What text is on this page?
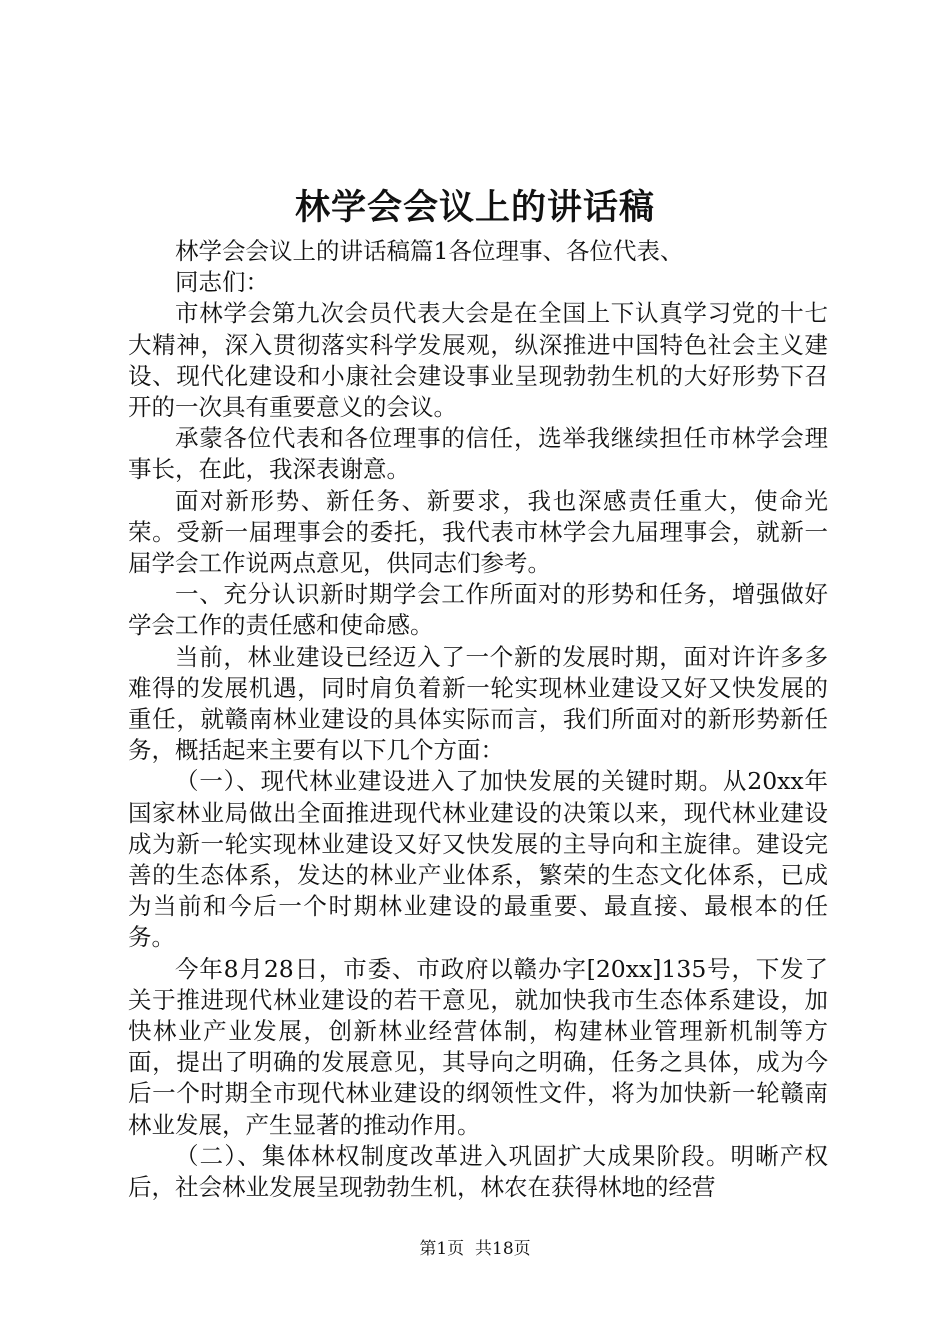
林学会会议上的讲话稿

林学会会议上的讲话稿篇1各位理事、各位代表、

同志们：

市林学会第九次会员代表大会是在全国上下认真学习党的十七大精神，深入贯彻落实科学发展观，纵深推进中国特色社会主义建设、现代化建设和小康社会建设事业呈现勃勃生机的大好形势下召开的一次具有重要意义的会议。

承蒙各位代表和各位理事的信任，选举我继续担任市林学会理事长，在此，我深表谢意。

面对新形势、新任务、新要求，我也深感责任重大，使命光荣。受新一届理事会的委托，我代表市林学会九届理事会，就新一届学会工作说两点意见，供同志们参考。

一、充分认识新时期学会工作所面对的形势和任务，增强做好学会工作的责任感和使命感。

当前，林业建设已经迈入了一个新的发展时期，面对许许多多难得的发展机遇，同时肩负着新一轮实现林业建设又好又快发展的重任，就赣南林业建设的具体实际而言，我们所面对的新形势新任务，概括起来主要有以下几个方面：

（一）、现代林业建设进入了加快发展的关键时期。从20xx年国家林业局做出全面推进现代林业建设的决策以来，现代林业建设成为新一轮实现林业建设又好又快发展的主导向和主旋律。建设完善的生态体系，发达的林业产业体系，繁荣的生态文化体系，已成为当前和今后一个时期林业建设的最重要、最直接、最根本的任务。

今年8月28日，市委、市政府以赣办字[20xx]135号，下发了关于推进现代林业建设的若干意见，就加快我市生态体系建设，加快林业产业发展，创新林业经营体制，构建林业管理新机制等方面，提出了明确的发展意见，其导向之明确，任务之具体，成为今后一个时期全市现代林业建设的纲领性文件，将为加快新一轮赣南林业发展，产生显著的推动作用。

（二）、集体林权制度改革进入巩固扩大成果阶段。明晰产权后，社会林业发展呈现勃勃生机，林农在获得林地的经营

第1页 共18页
